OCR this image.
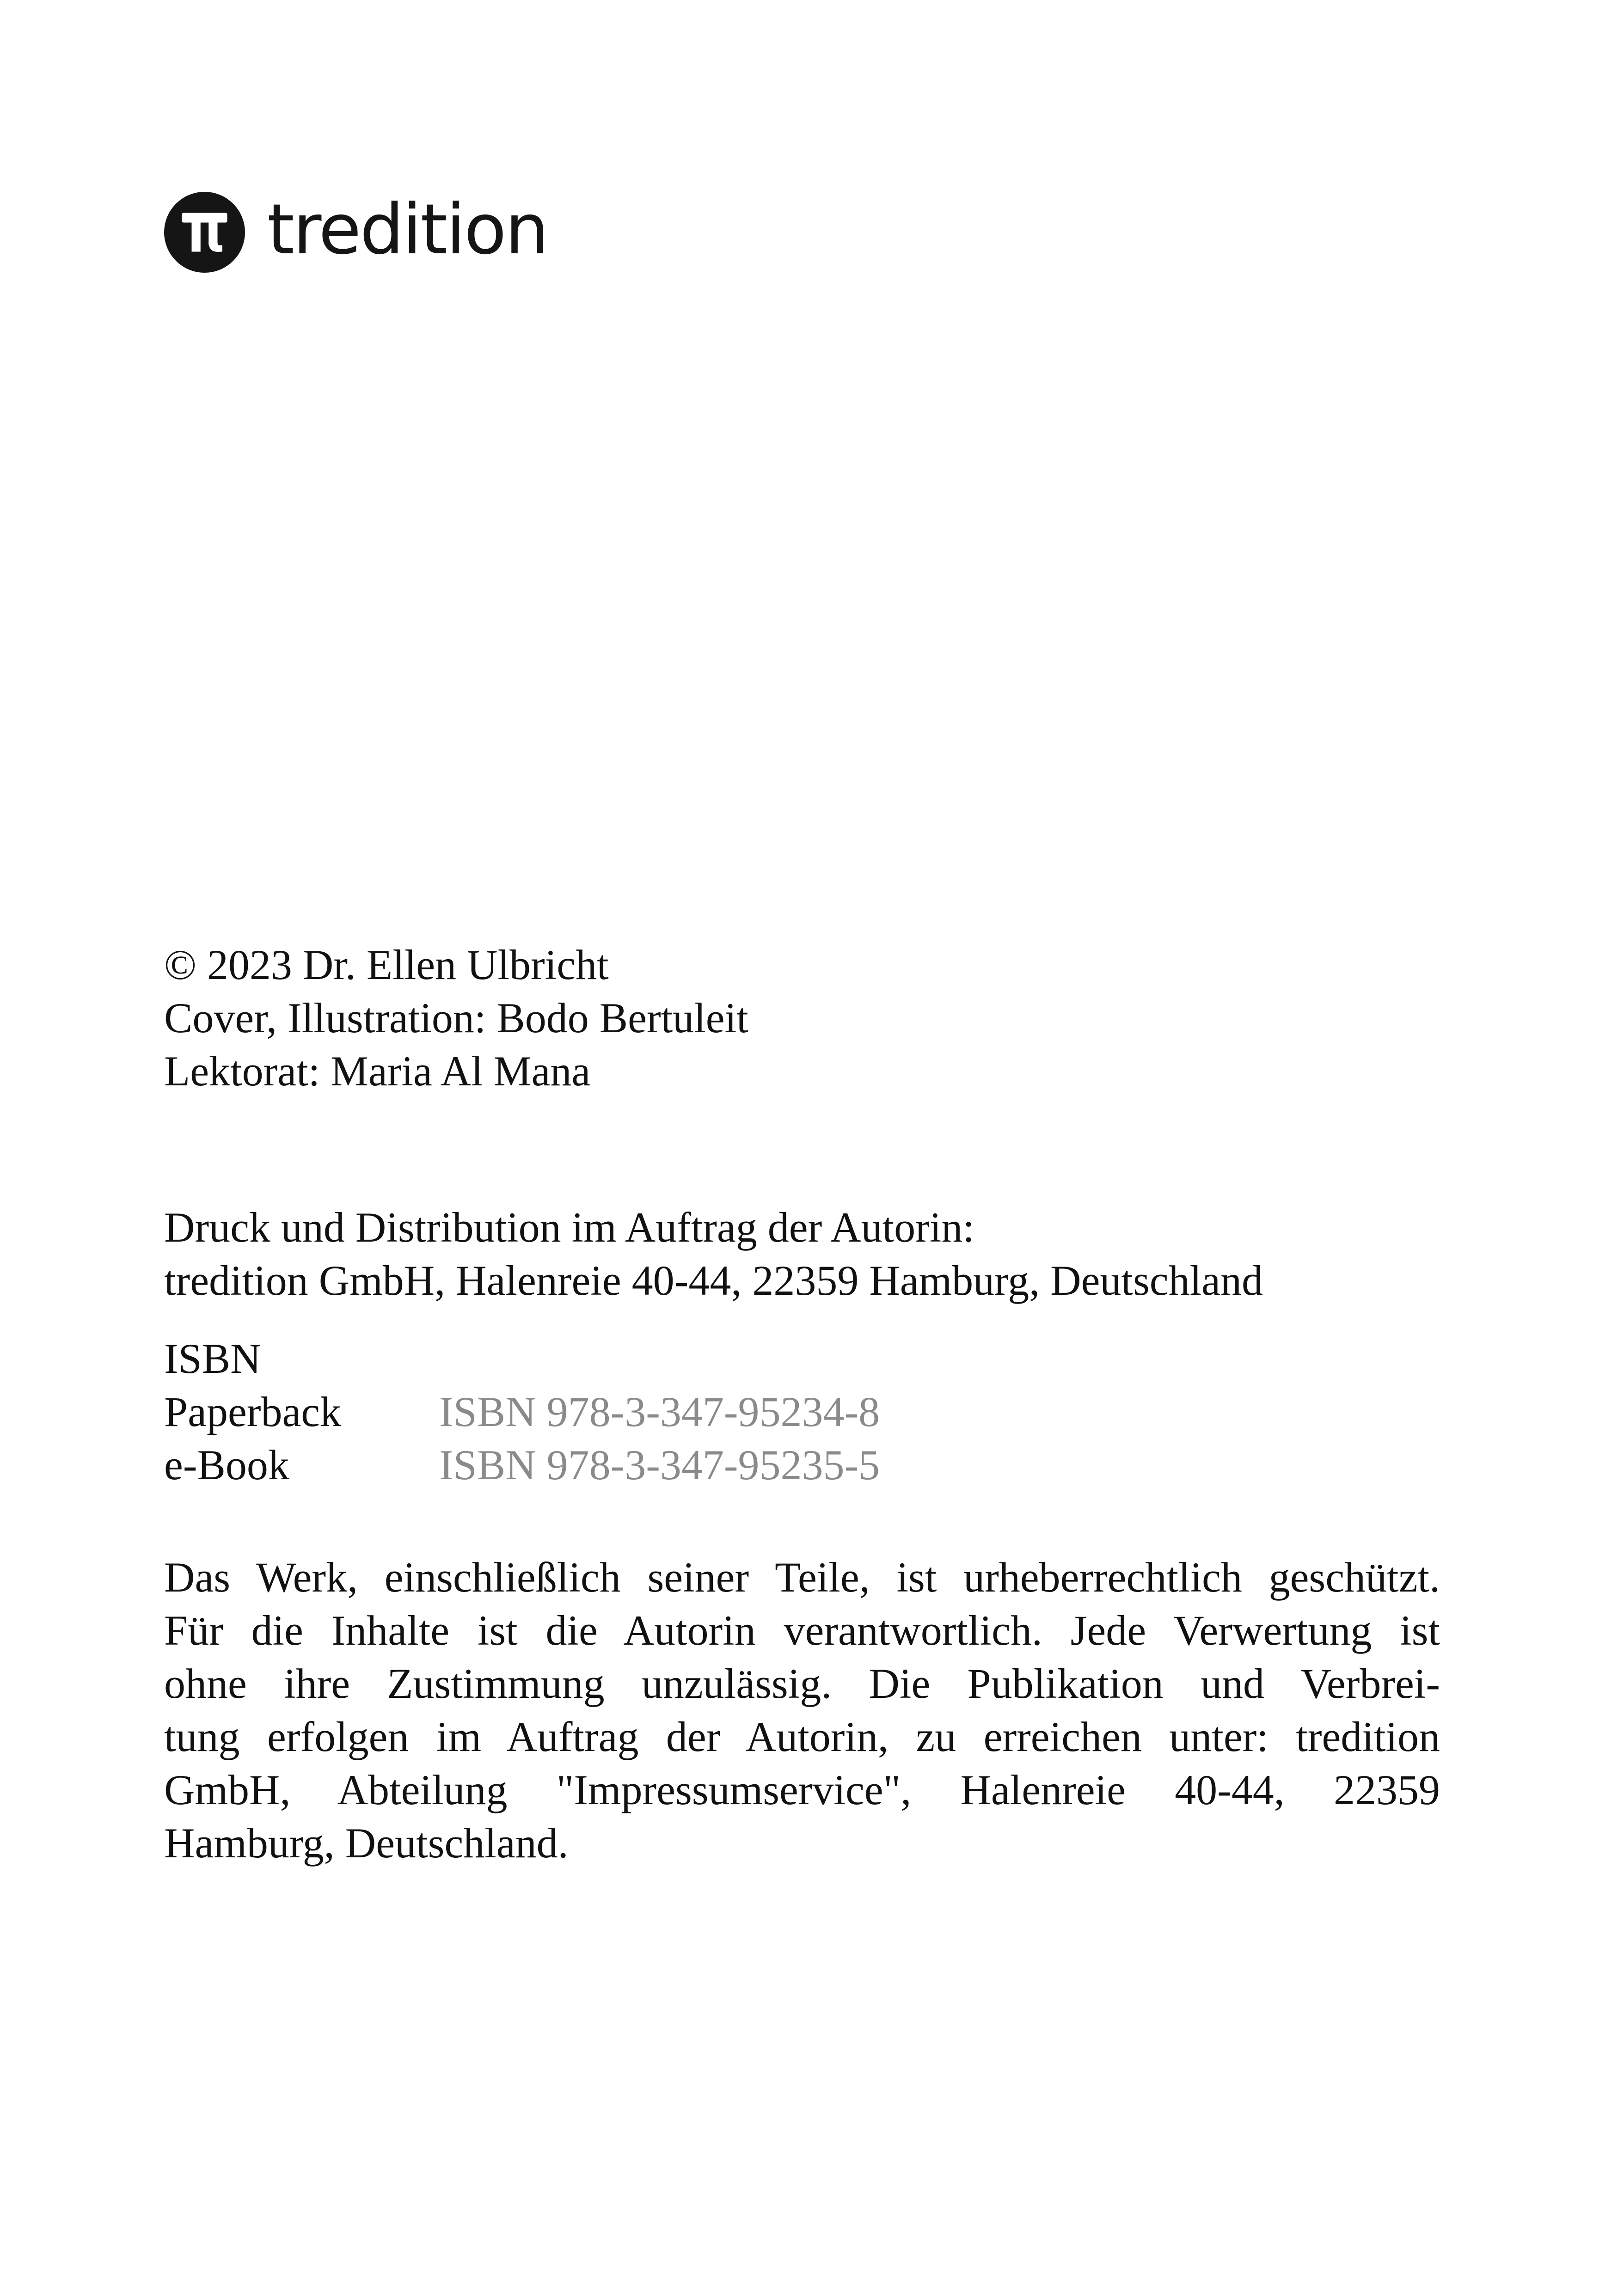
tredition
© 2023 Dr. Ellen Ulbricht
Cover, Illustration: Bodo Bertuleit
Lektorat: Maria Al Mana
Druck und Distribution im Auftrag der Autorin:
tredition GmbH, Halenreie 40-44, 22359 Hamburg, Deutschland
ISBN
Paperback ISBN 978-3-347-95234-8
e-Book	ISBN 978-3-347-95235-5
Das Werk, einschließlich seiner Teile, ist urheberrechtlich geschützt.
Für die Inhalte ist die Autorin verantwortlich. Jede Verwertung ist
ohne ihre Zustimmung unzulässig. Die Publikation und Verbrei-
tung erfolgen im Auftrag der Autorin, zu erreichen unter: tredition
GmbH, Abteilung "Impressumservice", Halenreie 40-44, 22359
Hamburg, Deutschland.
